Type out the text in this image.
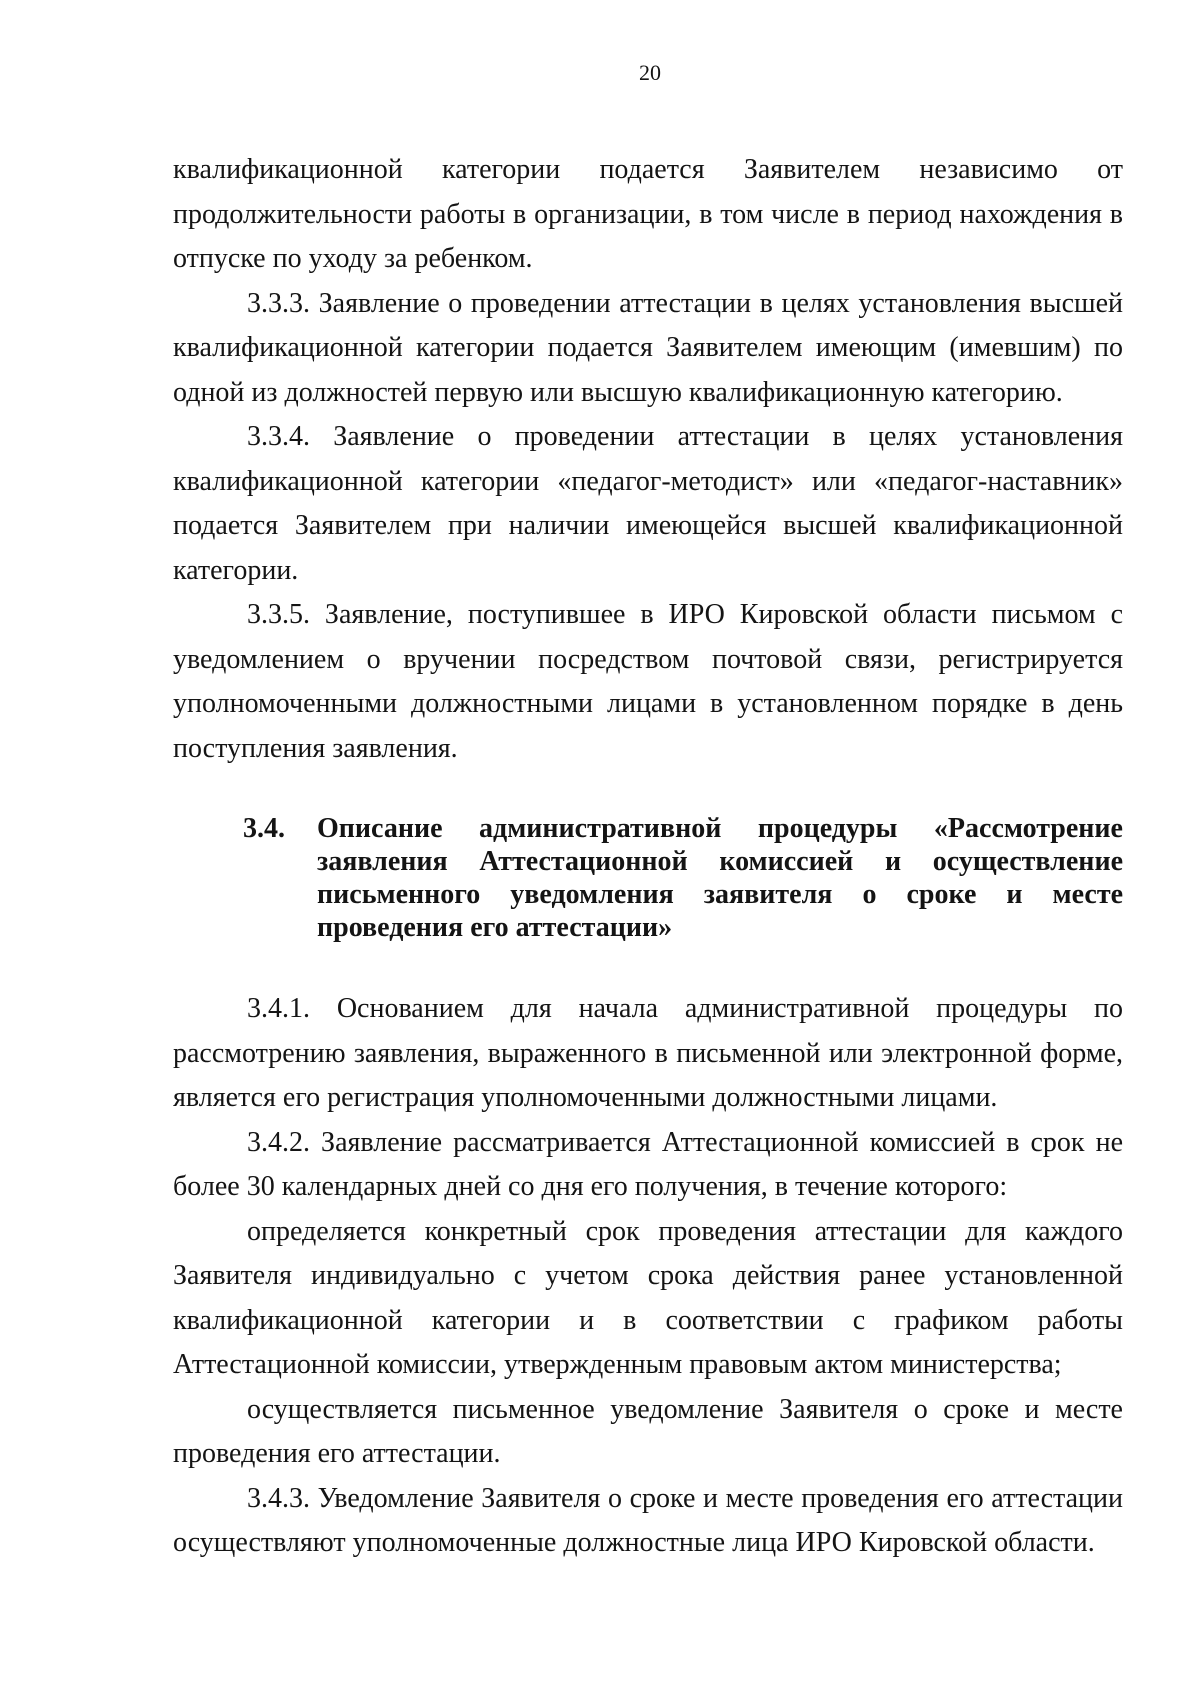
20

квалификационной категории подается Заявителем независимо от продолжительности работы в организации, в том числе в период нахождения в отпуске по уходу за ребенком.

3.3.3. Заявление о проведении аттестации в целях установления высшей квалификационной категории подается Заявителем имеющим (имевшим) по одной из должностей первую или высшую квалификационную категорию.

3.3.4. Заявление о проведении аттестации в целях установления квалификационной категории «педагог-методист» или «педагог-наставник» подается Заявителем при наличии имеющейся высшей квалификационной категории.

3.3.5. Заявление, поступившее в ИРО Кировской области письмом с уведомлением о вручении посредством почтовой связи, регистрируется уполномоченными должностными лицами в установленном порядке в день поступления заявления.

3.4.	Описание административной процедуры «Рассмотрение заявления Аттестационной комиссией и осуществление письменного уведомления заявителя о сроке и месте проведения его аттестации»

3.4.1. Основанием для начала административной процедуры по рассмотрению заявления, выраженного в письменной или электронной форме, является его регистрация уполномоченными должностными лицами.

3.4.2. Заявление рассматривается Аттестационной комиссией в срок не более 30 календарных дней со дня его получения, в течение которого:

определяется конкретный срок проведения аттестации для каждого Заявителя индивидуально с учетом срока действия ранее установленной квалификационной категории и в соответствии с графиком работы Аттестационной комиссии, утвержденным правовым актом министерства;

осуществляется письменное уведомление Заявителя о сроке и месте проведения его аттестации.

3.4.3. Уведомление Заявителя о сроке и месте проведения его аттестации осуществляют уполномоченные должностные лица ИРО Кировской области.
